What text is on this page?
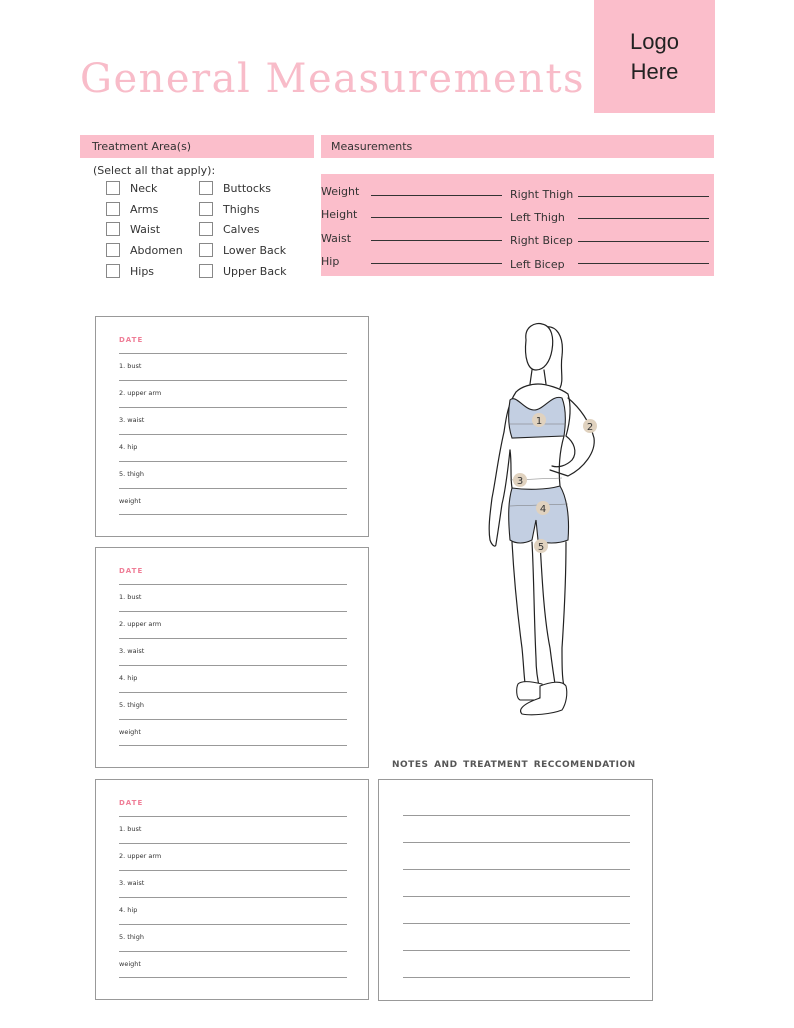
General Measurements
Logo
Here
Treatment Area(s)	Measurements
(Select all that apply):
Neck
Arms
Waist
Abdomen
Hips
Buttocks
Thighs
Calves
Lower Back
Upper Back
Weight
Height
Waist
Hip
Right Thigh
Left Thigh
Right Bicep
Left Bicep
DATE
1. bust
2. upper arm
3. waist
4. hip
5. thigh
weight
DATE
1. bust
2. upper arm
3. waist
4. hip
5. thigh
weight
DATE
1. bust
2. upper arm
3. waist
4. hip
5. thigh
weight
1
2
3
4
5
NOTES AND TREATMENT RECCOMENDATION
